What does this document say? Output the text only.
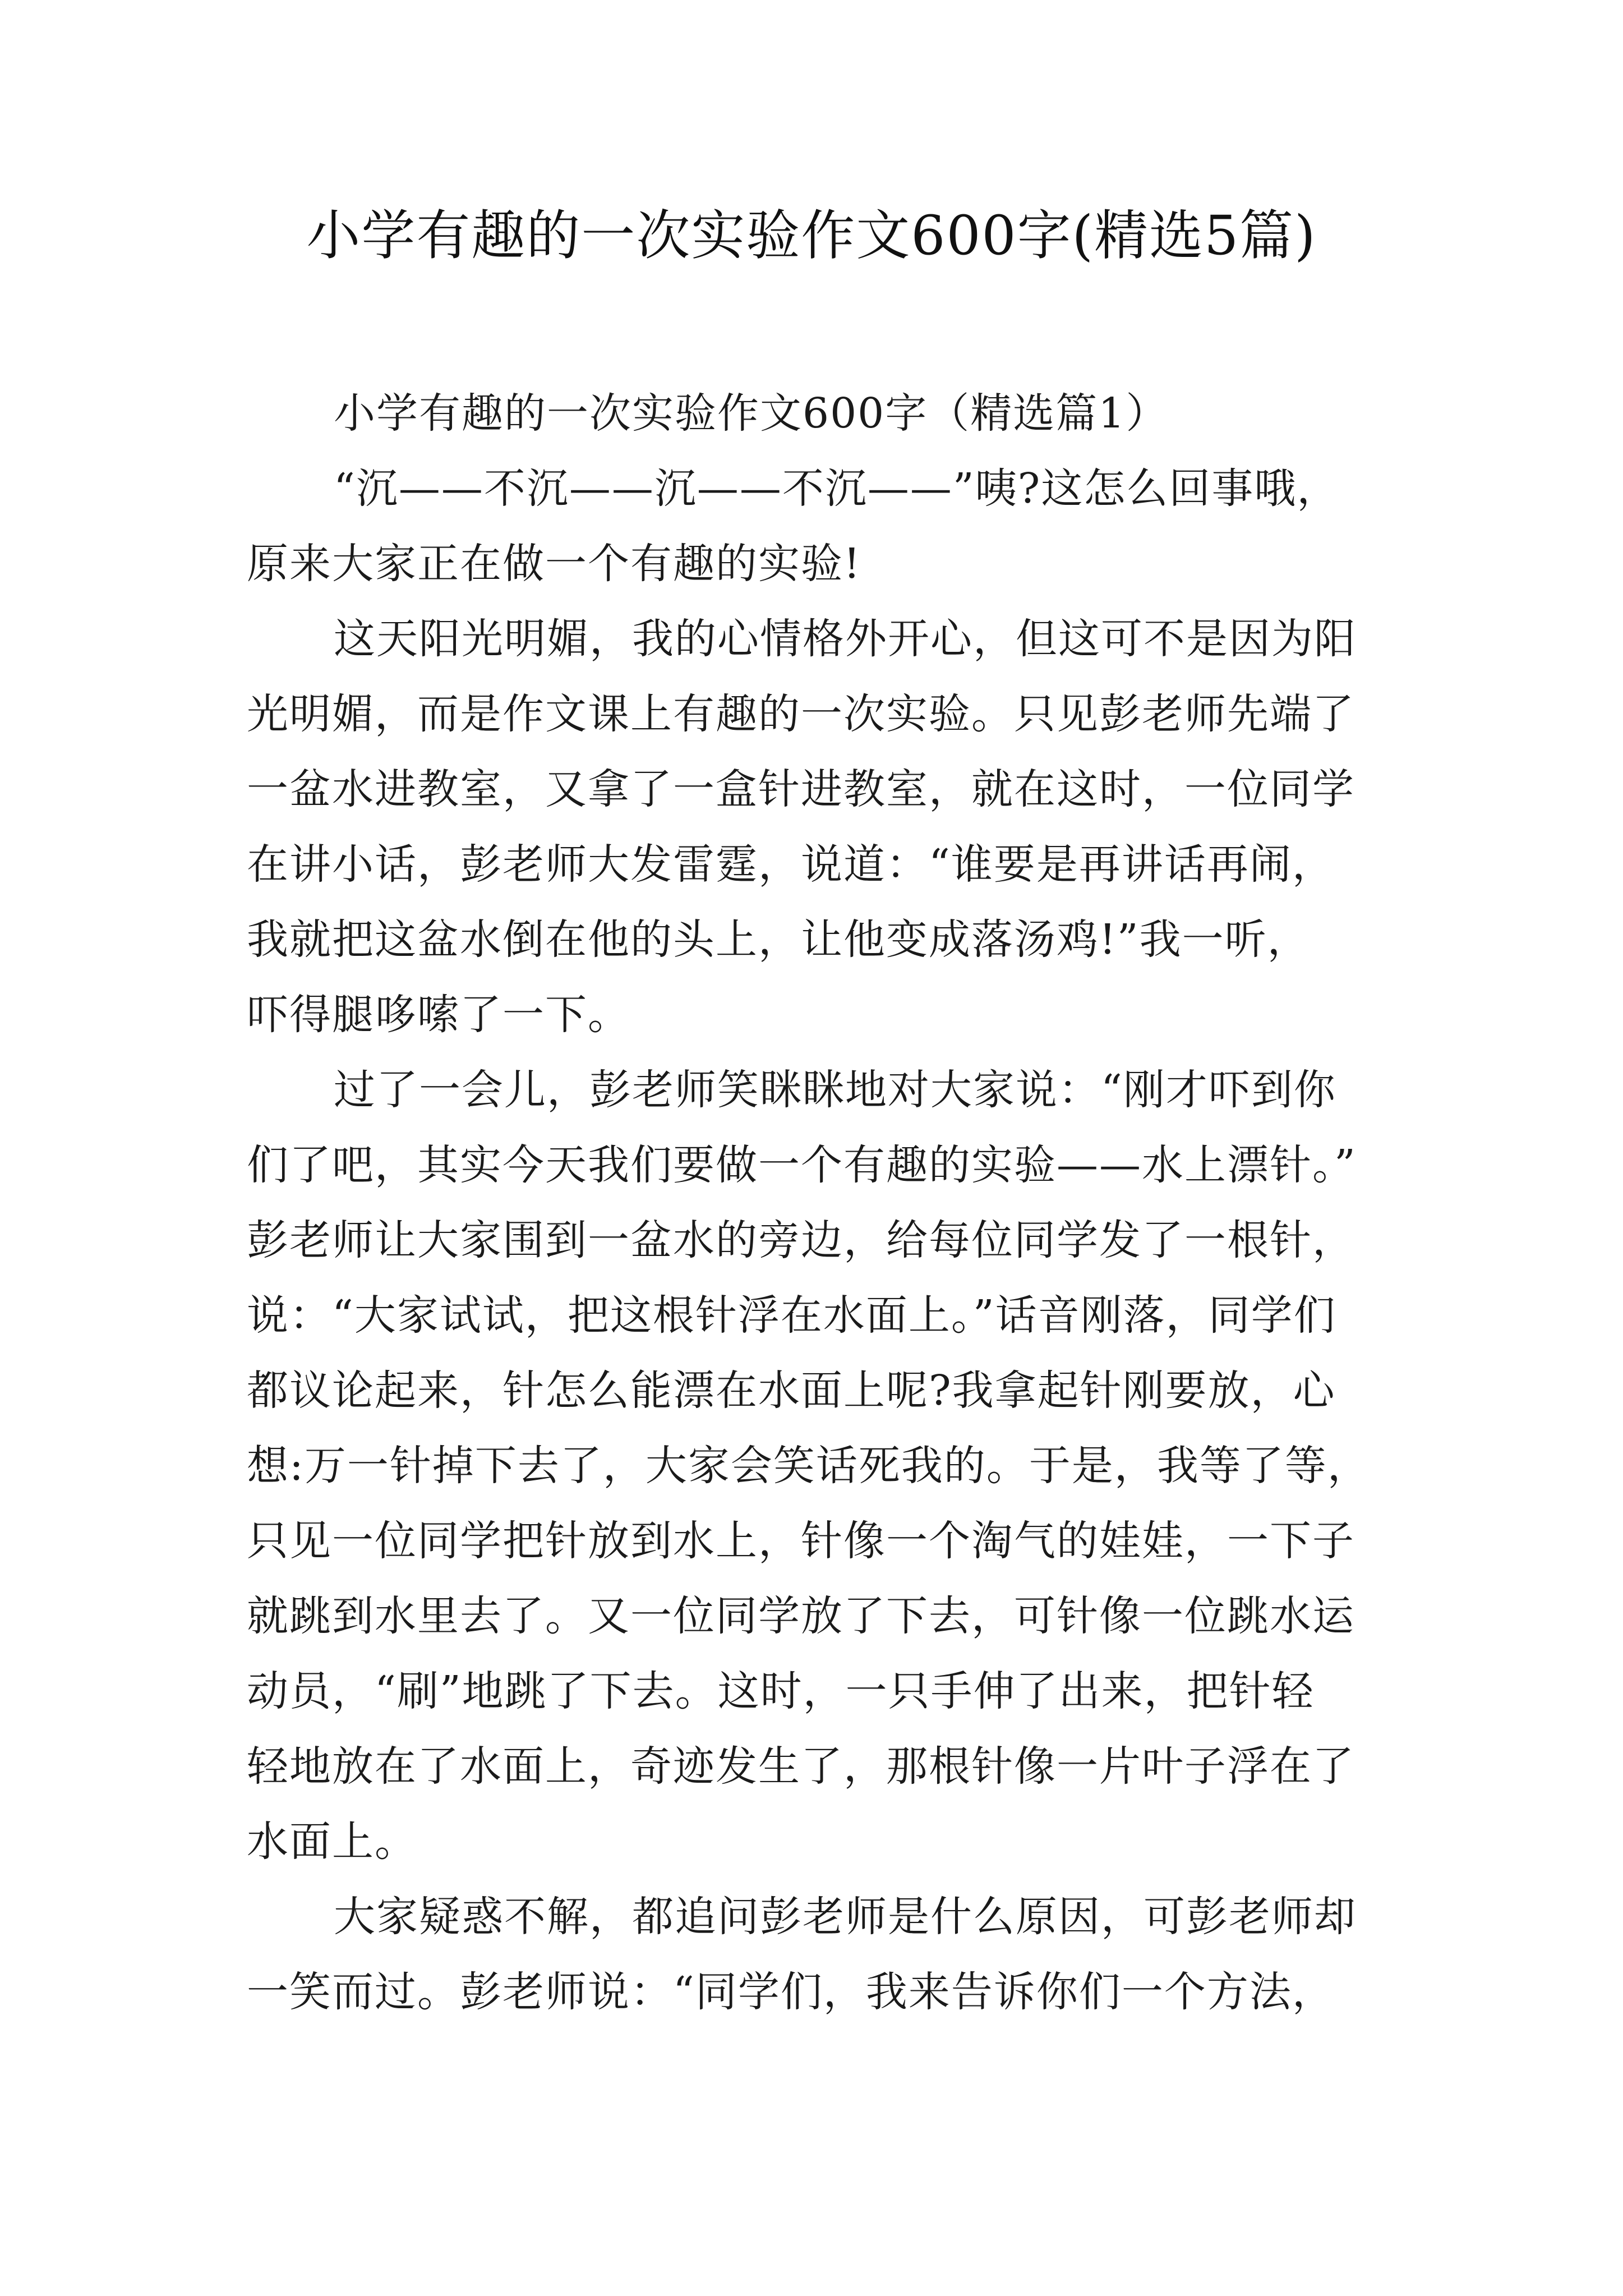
小学有趣的一次实验作文600字(精选5篇)

小学有趣的一次实验作文600字（精选篇1）

“沉——不沉——沉——不沉——”咦?这怎么回事哦，

原来大家正在做一个有趣的实验!

这天阳光明媚，我的心情格外开心，但这可不是因为阳

光明媚，而是作文课上有趣的一次实验。只见彭老师先端了

一盆水进教室，又拿了一盒针进教室，就在这时，一位同学

在讲小话，彭老师大发雷霆，说道：“谁要是再讲话再闹，

我就把这盆水倒在他的头上，让他变成落汤鸡!”我一听，

吓得腿哆嗦了一下。

过了一会儿，彭老师笑眯眯地对大家说：“刚才吓到你

们了吧，其实今天我们要做一个有趣的实验——水上漂针。”

彭老师让大家围到一盆水的旁边，给每位同学发了一根针，

说：“大家试试，把这根针浮在水面上。”话音刚落，同学们

都议论起来，针怎么能漂在水面上呢?我拿起针刚要放，心

想:万一针掉下去了，大家会笑话死我的。于是，我等了等，

只见一位同学把针放到水上，针像一个淘气的娃娃，一下子

就跳到水里去了。又一位同学放了下去，可针像一位跳水运

动员，“刷”地跳了下去。这时，一只手伸了出来，把针轻

轻地放在了水面上，奇迹发生了，那根针像一片叶子浮在了

水面上。

大家疑惑不解，都追问彭老师是什么原因，可彭老师却

一笑而过。彭老师说：“同学们，我来告诉你们一个方法，
